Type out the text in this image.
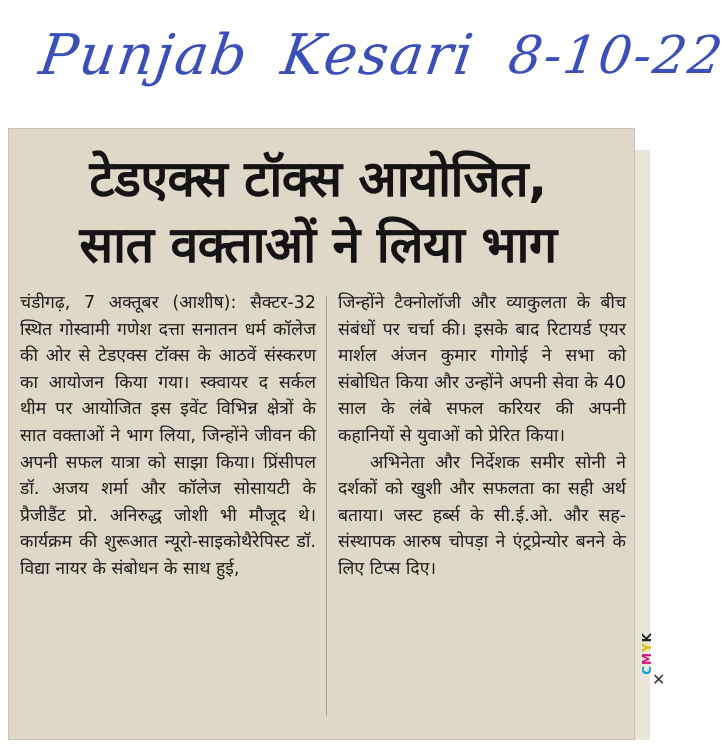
Punjab Kesari 8-10-22
टेडएक्स टॉक्स आयोजित,
सात वक्ताओं ने लिया भाग

चंडीगढ़, 7 अक्तूबर (आशीष): सैक्टर-32 स्थित गोस्वामी गणेश दत्ता सनातन धर्म कॉलेज की ओर से टेडएक्स टॉक्स के आठवें संस्करण का आयोजन किया गया। स्क्वायर द सर्कल थीम पर आयोजित इस इवेंट विभिन्न क्षेत्रों के सात वक्ताओं ने भाग लिया, जिन्होंने जीवन की अपनी सफल यात्रा को साझा किया। प्रिंसीपल डॉ. अजय शर्मा और कॉलेज सोसायटी के प्रैजीडैंट प्रो. अनिरुद्ध जोशी भी मौजूद थे। कार्यक्रम की शुरूआत न्यूरो-साइकोथैरेपिस्ट डॉ. विद्या नायर के संबोधन के साथ हुई,

जिन्होंने टैक्नोलॉजी और व्याकुलता के बीच संबंधों पर चर्चा की। इसके बाद रिटायर्ड एयर मार्शल अंजन कुमार गोगोई ने सभा को संबोधित किया और उन्होंने अपनी सेवा के 40 साल के लंबे सफल करियर की अपनी कहानियों से युवाओं को प्रेरित किया।

अभिनेता और निर्देशक समीर सोनी ने दर्शकों को खुशी और सफलता का सही अर्थ बताया। जस्ट हर्ब्स के सी.ई.ओ. और सह-संस्थापक आरुष चोपड़ा ने एंट्रप्रेन्योर बनने के लिए टिप्स दिए।

CMYK
✕
